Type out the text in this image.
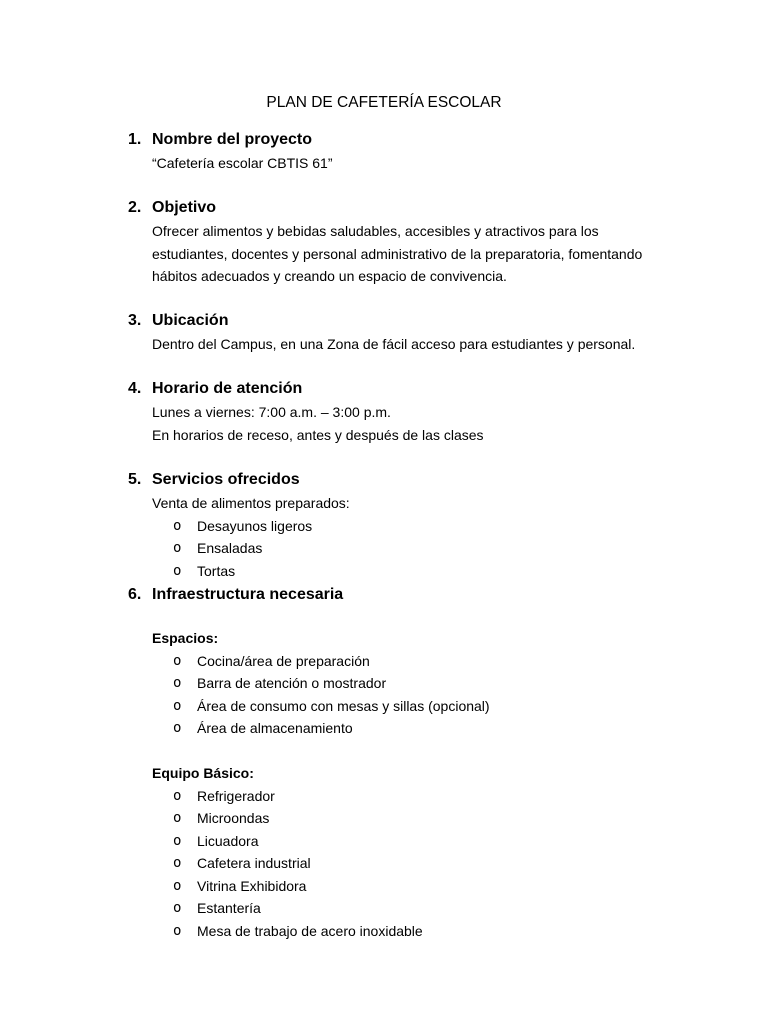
PLAN DE CAFETERÍA ESCOLAR
1. Nombre del proyecto
“Cafetería escolar CBTIS 61”
2. Objetivo
Ofrecer alimentos y bebidas saludables, accesibles y atractivos para los
estudiantes, docentes y personal administrativo de la preparatoria, fomentando
hábitos adecuados y creando un espacio de convivencia.
3. Ubicación
Dentro del Campus, en una Zona de fácil acceso para estudiantes y personal.
4. Horario de atención
Lunes a viernes: 7:00 a.m. – 3:00 p.m.
En horarios de receso, antes y después de las clases
5. Servicios ofrecidos
Venta de alimentos preparados:
o Desayunos ligeros
o Ensaladas
o Tortas
6. Infraestructura necesaria
Espacios:
o Cocina/área de preparación
o Barra de atención o mostrador
o Área de consumo con mesas y sillas (opcional)
o Área de almacenamiento
Equipo Básico:
o Refrigerador
o Microondas
o Licuadora
o Cafetera industrial
o Vitrina Exhibidora
o Estantería
o Mesa de trabajo de acero inoxidable
